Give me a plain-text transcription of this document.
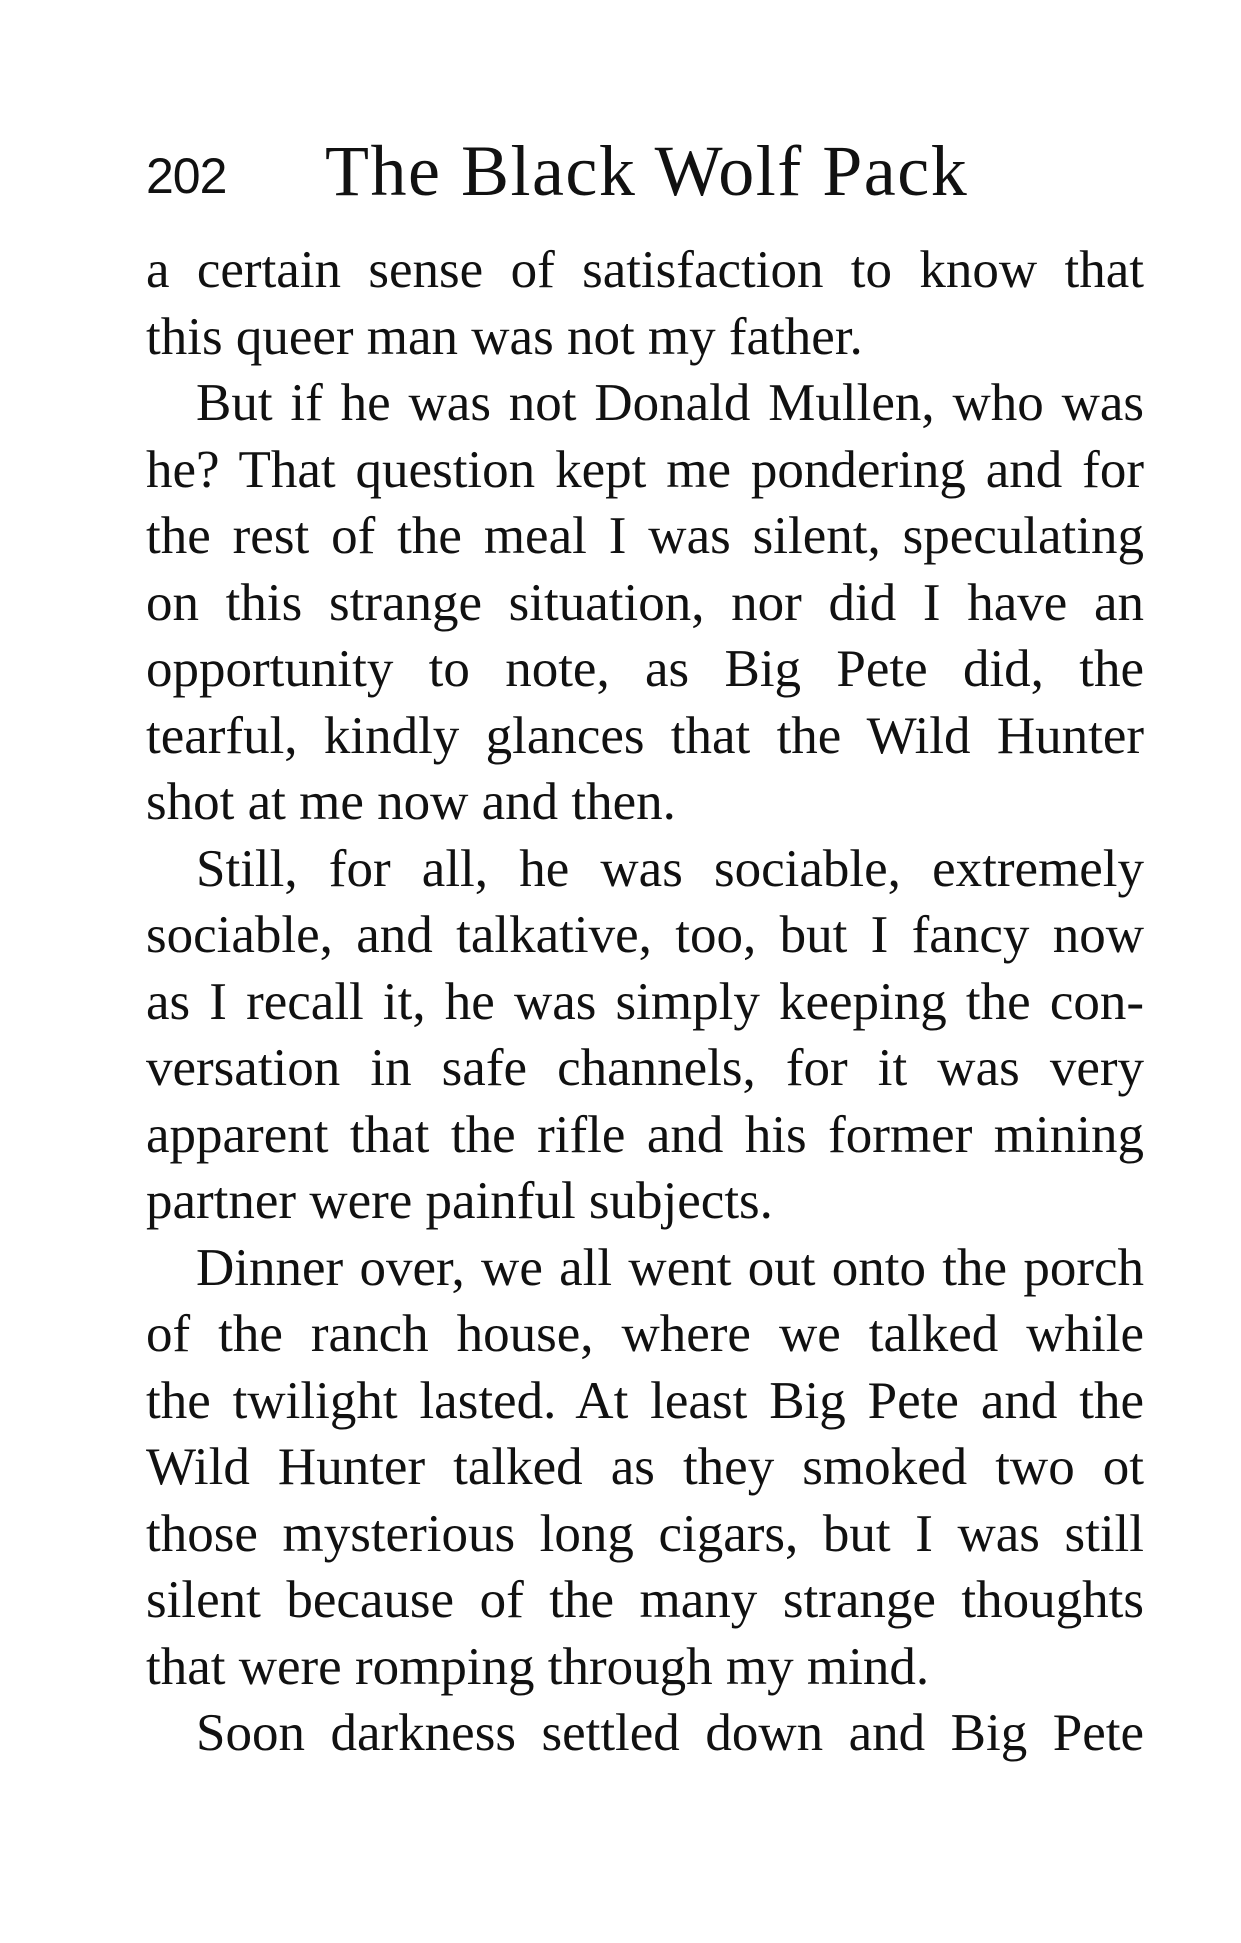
202 The Black Wolf Pack
a certain sense of satisfaction to know that
this queer man was not my father.
But if he was not Donald Mullen, who was
he? That question kept me pondering and for
the rest of the meal I was silent, speculating
on this strange situation, nor did I have an
opportunity to note, as Big Pete did, the
tearful, kindly glances that the Wild Hunter
shot at me now and then.
Still, for all, he was sociable, extremely
sociable, and talkative, too, but I fancy now
as I recall it, he was simply keeping the con-
versation in safe channels, for it was very
apparent that the rifle and his former mining
partner were painful subjects.
Dinner over, we all went out onto the porch
of the ranch house, where we talked while
the twilight lasted. At least Big Pete and the
Wild Hunter talked as they smoked two ot
those mysterious long cigars, but I was still
silent because of the many strange thoughts
that were romping through my mind.
Soon darkness settled down and Big Pete
